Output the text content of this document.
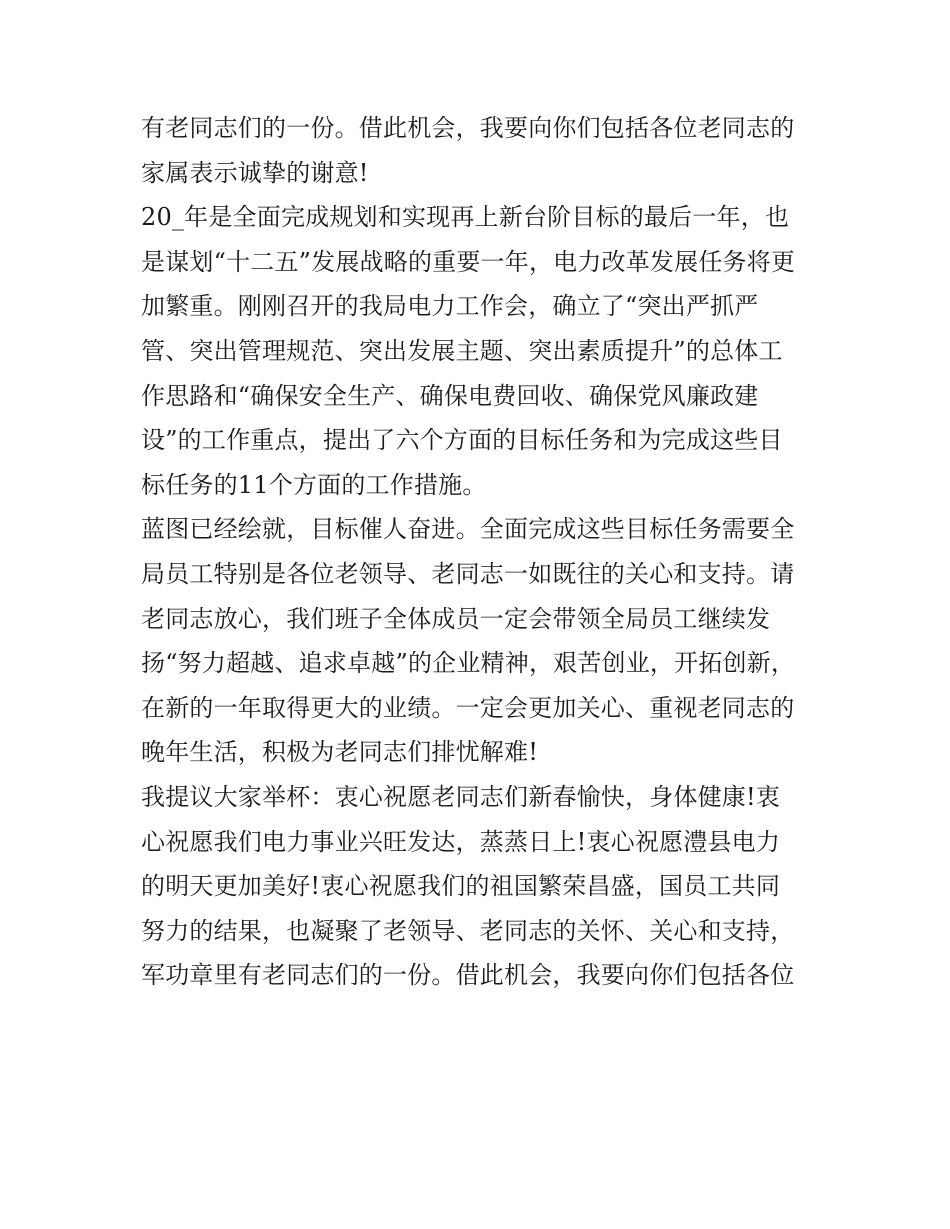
有老同志们的一份。借此机会，我要向你们包括各位老同志的
家属表示诚挚的谢意!
20_年是全面完成规划和实现再上新台阶目标的最后一年，也
是谋划“十二五”发展战略的重要一年，电力改革发展任务将更
加繁重。刚刚召开的我局电力工作会，确立了“突出严抓严
管、突出管理规范、突出发展主题、突出素质提升”的总体工
作思路和“确保安全生产、确保电费回收、确保党风廉政建
设”的工作重点，提出了六个方面的目标任务和为完成这些目
标任务的11个方面的工作措施。
蓝图已经绘就，目标催人奋进。全面完成这些目标任务需要全
局员工特别是各位老领导、老同志一如既往的关心和支持。请
老同志放心，我们班子全体成员一定会带领全局员工继续发
扬“努力超越、追求卓越”的企业精神，艰苦创业，开拓创新，
在新的一年取得更大的业绩。一定会更加关心、重视老同志的
晚年生活，积极为老同志们排忧解难!
我提议大家举杯：衷心祝愿老同志们新春愉快，身体健康!衷
心祝愿我们电力事业兴旺发达，蒸蒸日上!衷心祝愿澧县电力
的明天更加美好!衷心祝愿我们的祖国繁荣昌盛，国员工共同
努力的结果，也凝聚了老领导、老同志的关怀、关心和支持，
军功章里有老同志们的一份。借此机会，我要向你们包括各位
